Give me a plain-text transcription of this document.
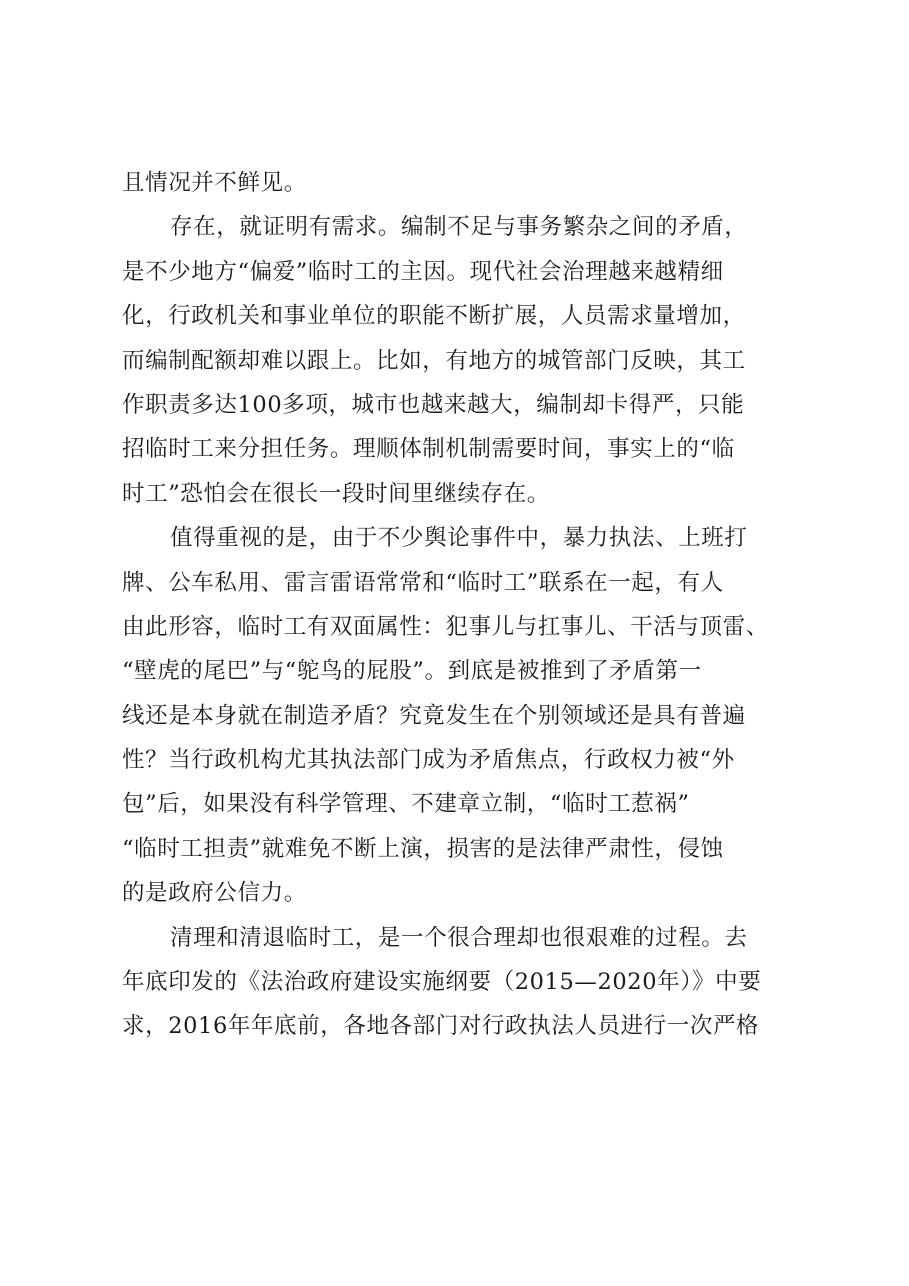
且情况并不鲜见。
存在，就证明有需求。编制不足与事务繁杂之间的矛盾，
是不少地方“偏爱”临时工的主因。现代社会治理越来越精细
化，行政机关和事业单位的职能不断扩展，人员需求量增加，
而编制配额却难以跟上。比如，有地方的城管部门反映，其工
作职责多达100多项，城市也越来越大，编制却卡得严，只能
招临时工来分担任务。理顺体制机制需要时间，事实上的“临
时工”恐怕会在很长一段时间里继续存在。
值得重视的是，由于不少舆论事件中，暴力执法、上班打
牌、公车私用、雷言雷语常常和“临时工”联系在一起，有人
由此形容，临时工有双面属性：犯事儿与扛事儿、干活与顶雷、
“壁虎的尾巴”与“鸵鸟的屁股”。到底是被推到了矛盾第一
线还是本身就在制造矛盾？究竟发生在个别领域还是具有普遍
性？当行政机构尤其执法部门成为矛盾焦点，行政权力被“外
包”后，如果没有科学管理、不建章立制，“临时工惹祸”
“临时工担责”就难免不断上演，损害的是法律严肃性，侵蚀
的是政府公信力。
清理和清退临时工，是一个很合理却也很艰难的过程。去
年底印发的《法治政府建设实施纲要（2015—2020年）》中要
求，2016年年底前，各地各部门对行政执法人员进行一次严格
